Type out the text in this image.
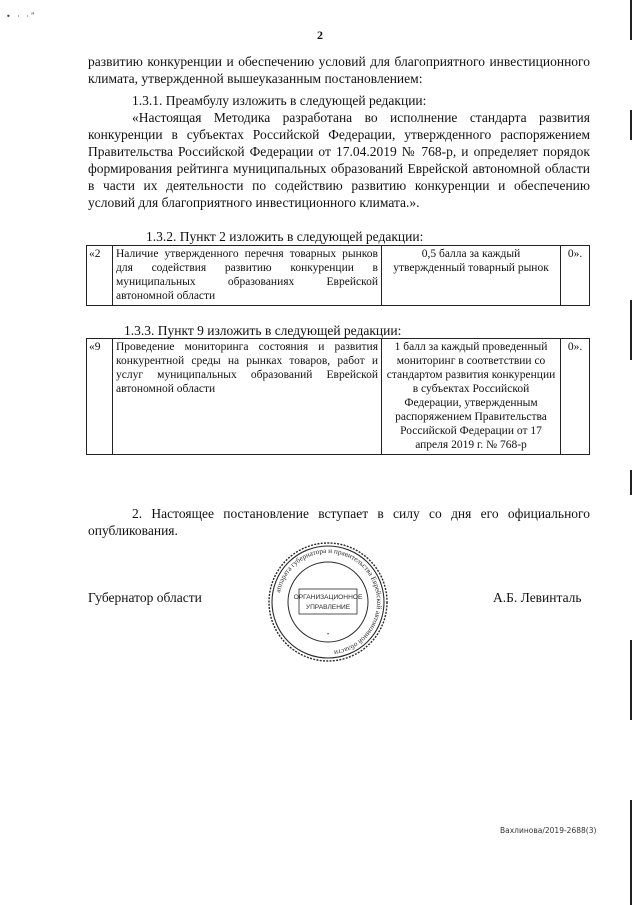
• · ·ʺ
2
развитию конкуренции и обеспечению условий для благоприятного инвестиционного климата, утвержденной вышеуказанным постановлением:
1.3.1. Преамбулу изложить в следующей редакции:
«Настоящая Методика разработана во исполнение стандарта развития конкуренции в субъектах Российской Федерации, утвержденного распоряжением Правительства Российской Федерации от 17.04.2019 № 768-р, и определяет порядок формирования рейтинга муниципальных образований Еврейской автономной области в части их деятельности по содействию развитию конкуренции и обеспечению условий для благоприятного инвестиционного климата.».
1.3.2. Пункт 2 изложить в следующей редакции:
«2	Наличие утвержденного перечня товарных рынков для содействия развитию конкуренции в муниципальных образованиях Еврейской автономной области	0,5 балла за каждый утвержденный товарный рынок	0».
1.3.3. Пункт 9 изложить в следующей редакции:
«9	Проведение мониторинга состояния и развития конкурентной среды на рынках товаров, работ и услуг муниципальных образований Еврейской автономной области	1 балл за каждый проведенный мониторинг в соответствии со стандартом развития конкуренции в субъектах Российской Федерации, утвержденным распоряжением Правительства Российской Федерации от 17 апреля 2019 г. № 768-р	0».
2. Настоящее постановление вступает в силу со дня его официального опубликования.
Губернатор области	А.Б. Левинталь
аппарата губернатора и правительства Еврейской автономной области
ОРГАНИЗАЦИОННОЕ
УПРАВЛЕНИЕ
•
Вахлинова/2019-2688(3)
